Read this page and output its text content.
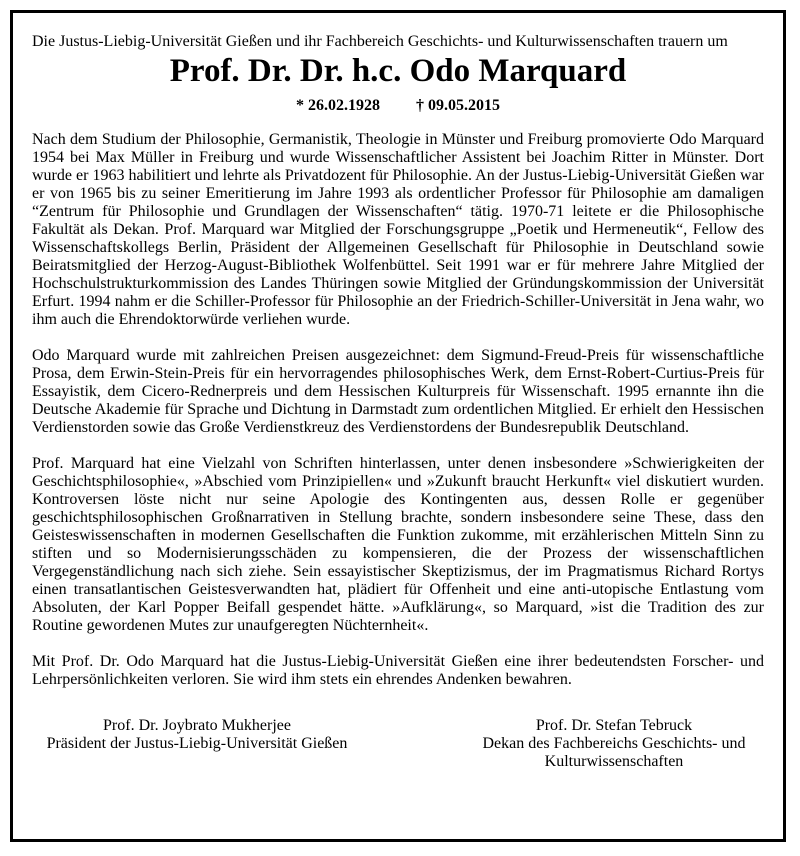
Die Justus-Liebig-Universität Gießen und ihr Fachbereich Geschichts- und Kulturwissenschaften trauern um

Prof. Dr. Dr. h.c. Odo Marquard
* 26.02.1928 † 09.05.2015

Nach dem Studium der Philosophie, Germanistik, Theologie in Münster und Freiburg promovierte Odo Marquard 1954 bei Max Müller in Freiburg und wurde Wissenschaftlicher Assistent bei Joachim Ritter in Münster. Dort wurde er 1963 habilitiert und lehrte als Privatdozent für Philosophie. An der Justus-Liebig-Universität Gießen war er von 1965 bis zu seiner Emeritierung im Jahre 1993 als ordentlicher Professor für Philosophie am damaligen “Zentrum für Philosophie und Grundlagen der Wissenschaften“ tätig. 1970-71 leitete er die Philosophische Fakultät als Dekan. Prof. Marquard war Mitglied der Forschungsgruppe „Poetik und Hermeneutik“, Fellow des Wissenschaftskollegs Berlin, Präsident der Allgemeinen Gesellschaft für Philosophie in Deutschland sowie Beiratsmitglied der Herzog-August-Bibliothek Wolfenbüttel. Seit 1991 war er für mehrere Jahre Mitglied der Hochschulstrukturkommission des Landes Thüringen sowie Mitglied der Gründungskommission der Universität Erfurt. 1994 nahm er die Schiller-Professor für Philosophie an der Friedrich-Schiller-Universität in Jena wahr, wo ihm auch die Ehrendoktorwürde verliehen wurde.

Odo Marquard wurde mit zahlreichen Preisen ausgezeichnet: dem Sigmund-Freud-Preis für wissenschaftliche Prosa, dem Erwin-Stein-Preis für ein hervorragendes philosophisches Werk, dem Ernst-Robert-Curtius-Preis für Essayistik, dem Cicero-Rednerpreis und dem Hessischen Kulturpreis für Wissenschaft. 1995 ernannte ihn die Deutsche Akademie für Sprache und Dichtung in Darmstadt zum ordentlichen Mitglied. Er erhielt den Hessischen Verdienstorden sowie das Große Verdienstkreuz des Verdienstordens der Bundesrepublik Deutschland.

Prof. Marquard hat eine Vielzahl von Schriften hinterlassen, unter denen insbesondere »Schwierigkeiten der Geschichtsphilosophie«, »Abschied vom Prinzipiellen« und »Zukunft braucht Herkunft« viel diskutiert wurden. Kontroversen löste nicht nur seine Apologie des Kontingenten aus, dessen Rolle er gegenüber geschichtsphilosophischen Großnarrativen in Stellung brachte, sondern insbesondere seine These, dass den Geisteswissenschaften in modernen Gesellschaften die Funktion zukomme, mit erzählerischen Mitteln Sinn zu stiften und so Modernisierungsschäden zu kompensieren, die der Prozess der wissenschaftlichen Vergegenständlichung nach sich ziehe. Sein essayistischer Skeptizismus, der im Pragmatismus Richard Rortys einen transatlantischen Geistesverwandten hat, plädiert für Offenheit und eine anti-utopische Entlastung vom Absoluten, der Karl Popper Beifall gespendet hätte. »Aufklärung«, so Marquard, »ist die Tradition des zur Routine gewordenen Mutes zur unaufgeregten Nüchternheit«.

Mit Prof. Dr. Odo Marquard hat die Justus-Liebig-Universität Gießen eine ihrer bedeutendsten Forscher- und Lehrpersönlichkeiten verloren. Sie wird ihm stets ein ehrendes Andenken bewahren.

Prof. Dr. Joybrato Mukherjee
Präsident der Justus-Liebig-Universität Gießen
Prof. Dr. Stefan Tebruck
Dekan des Fachbereichs Geschichts- und Kulturwissenschaften
